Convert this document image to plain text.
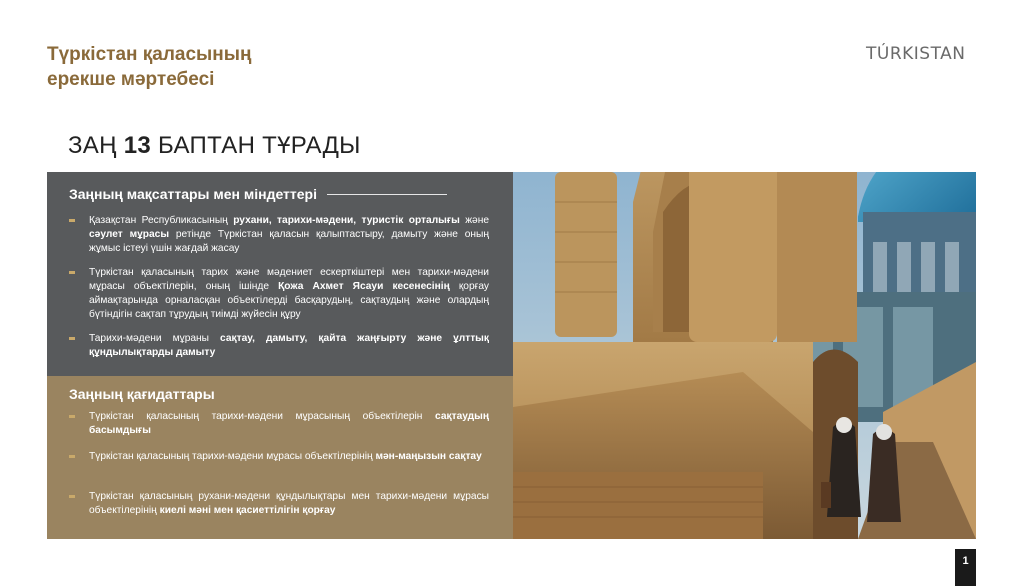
Түркістан қаласының
ерекше мәртебесі
TÚRKISTAN
ЗАҢ 13 БАПТАН ТҰРАДЫ
Заңның мақсаттары мен міндеттері
Қазақстан Республикасының рухани, тарихи-мәдени, туристік орталығы және сәулет мұрасы ретінде Түркістан қаласын қалыптастыру, дамыту және оның жұмыс істеуі үшін жағдай жасау
Түркістан қаласының тарих және мәдениет ескерткіштері мен тарихи-мәдени мұрасы объектілерін, оның ішінде Қожа Ахмет Ясауи кесенесінің қорғау аймақтарында орналасқан объектілерді басқарудың, сақтаудың және олардың бүтіндігін сақтап тұрудың тиімді жүйесін құру
Тарихи-мәдени мұраны сақтау, дамыту, қайта жаңғырту және ұлттық құндылықтарды дамыту
Заңның қағидаттары
Түркістан қаласының тарихи-мәдени мұрасының объектілерін сақтаудың басымдығы
Түркістан қаласының тарихи-мәдени мұрасы объектілерінің мән-маңызын сақтау
Түркістан қаласының рухани-мәдени құндылықтары мен тарихи-мәдени мұрасы объектілерінің киелі мәні мен қасиеттілігін қорғау
1
